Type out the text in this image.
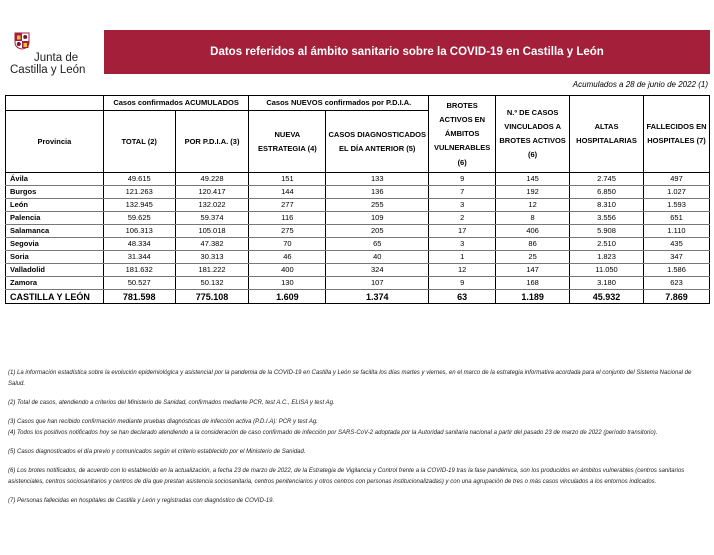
Junta de
Castilla y León
Datos referidos al ámbito sanitario sobre la COVID-19 en Castilla y León
Acumulados a 28 de junio de 2022 (1)
	Casos confirmados ACUMULADOS		Casos NUEVOS confirmados por P.D.I.A.		BROTES ACTIVOS EN ÁMBITOS VULNERABLES (6)	N.º DE CASOS VINCULADOS A BROTES ACTIVOS (6)	ALTAS HOSPITALARIAS	FALLECIDOS EN HOSPITALES (7)
Provincia	TOTAL (2)	POR P.D.I.A. (3)	NUEVA ESTRATEGIA (4)	CASOS DIAGNOSTICADOS EL DÍA ANTERIOR (5)				
Ávila	49.615	49.228	151	133	9	145	2.745	497
Burgos	121.263	120.417	144	136	7	192	6.850	1.027
León	132.945	132.022	277	255	3	12	8.310	1.593
Palencia	59.625	59.374	116	109	2	8	3.556	651
Salamanca	106.313	105.018	275	205	17	406	5.908	1.110
Segovia	48.334	47.382	70	65	3	86	2.510	435
Soria	31.344	30.313	46	40	1	25	1.823	347
Valladolid	181.632	181.222	400	324	12	147	11.050	1.586
Zamora	50.527	50.132	130	107	9	168	3.180	623
CASTILLA Y LEÓN	781.598	775.108	1.609	1.374	63	1.189	45.932	7.869

(1) La información estadística sobre la evolución epidemiológica y asistencial por la pandemia de la COVID-19 en Castilla y León se facilita los días martes y viernes, en el marco de la estrategia informativa acordada para el conjunto del Sistema Nacional de Salud.

(2) Total de casos, atendiendo a criterios del Ministerio de Sanidad, confirmados mediante PCR, test A.C., ELISA y test Ag.

(3) Casos que han recibido confirmación mediante pruebas diagnósticas de infección activa (P.D.I.A): PCR y test Ag.

(4) Todos los positivos notificados hoy se han declarado atendiendo a la consideración de caso confirmado de infección por SARS-CoV-2 adoptada por la Autoridad sanitaria nacional a partir del pasado 23 de marzo de 2022 (período transitorio).

(5) Casos diagnosticados el día previo y comunicados según el criterio establecido por el Ministerio de Sanidad.

(6) Los brotes notificados, de acuerdo con lo establecido en la actualización, a fecha 23 de marzo de 2022, de la Estrategia de Vigilancia y Control frente a la COVID-19 tras la fase pandémica, son los producidos en ámbitos vulnerables (centros sanitarios asistenciales, centros sociosanitarios y centros de día que prestan asistencia sociosanitaria, centros penitenciarios y otros centros con personas institucionalizadas) y con una agrupación de tres o más casos vinculados a los entornos indicados.

(7) Personas fallecidas en hospitales de Castilla y León y registradas con diagnóstico de COVID-19.
